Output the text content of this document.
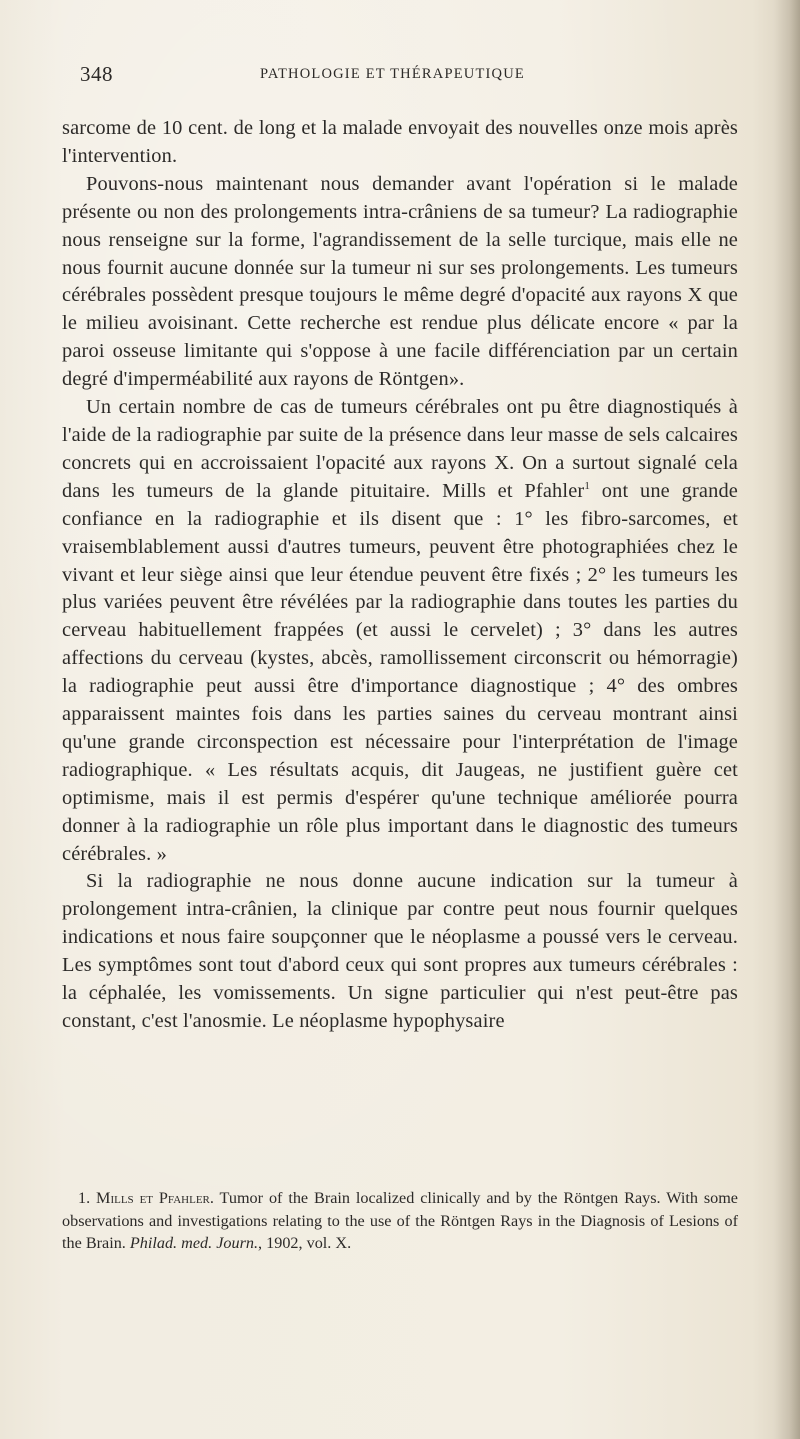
348	PATHOLOGIE ET THÉRAPEUTIQUE

sarcome de 10 cent. de long et la malade envoyait des nouvelles onze mois après l'intervention.

Pouvons-nous maintenant nous demander avant l'opération si le malade présente ou non des prolongements intra-crâniens de sa tumeur? La radiographie nous renseigne sur la forme, l'agrandissement de la selle turcique, mais elle ne nous fournit aucune donnée sur la tumeur ni sur ses prolongements. Les tumeurs cérébrales possèdent presque toujours le même degré d'opacité aux rayons X que le milieu avoisinant. Cette recherche est rendue plus délicate encore « par la paroi osseuse limitante qui s'oppose à une facile différenciation par un certain degré d'imperméabilité aux rayons de Röntgen».

Un certain nombre de cas de tumeurs cérébrales ont pu être diagnostiqués à l'aide de la radiographie par suite de la présence dans leur masse de sels calcaires concrets qui en accroissaient l'opacité aux rayons X. On a surtout signalé cela dans les tumeurs de la glande pituitaire. Mills et Pfahler$^1$ ont une grande confiance en la radiographie et ils disent que : 1° les fibro-sarcomes, et vraisemblablement aussi d'autres tumeurs, peuvent être photographiées chez le vivant et leur siège ainsi que leur étendue peuvent être fixés ; 2° les tumeurs les plus variées peuvent être révélées par la radiographie dans toutes les parties du cerveau habituellement frappées (et aussi le cervelet) ; 3° dans les autres affections du cerveau (kystes, abcès, ramollissement circonscrit ou hémorragie) la radiographie peut aussi être d'importance diagnostique ; 4° des ombres apparaissent maintes fois dans les parties saines du cerveau montrant ainsi qu'une grande circonspection est nécessaire pour l'interprétation de l'image radiographique. « Les résultats acquis, dit Jaugeas, ne justifient guère cet optimisme, mais il est permis d'espérer qu'une technique améliorée pourra donner à la radiographie un rôle plus important dans le diagnostic des tumeurs cérébrales. »

Si la radiographie ne nous donne aucune indication sur la tumeur à prolongement intra-crânien, la clinique par contre peut nous fournir quelques indications et nous faire soupçonner que le néoplasme a poussé vers le cerveau. Les symptômes sont tout d'abord ceux qui sont propres aux tumeurs cérébrales : la céphalée, les vomissements. Un signe particulier qui n'est peut-être pas constant, c'est l'anosmie. Le néoplasme hypophysaire

1. Mills et Pfahler. Tumor of the Brain localized clinically and by the Röntgen Rays. With some observations and investigations relating to the use of the Röntgen Rays in the Diagnosis of Lesions of the Brain. Philad. med. Journ., 1902, vol. X.
